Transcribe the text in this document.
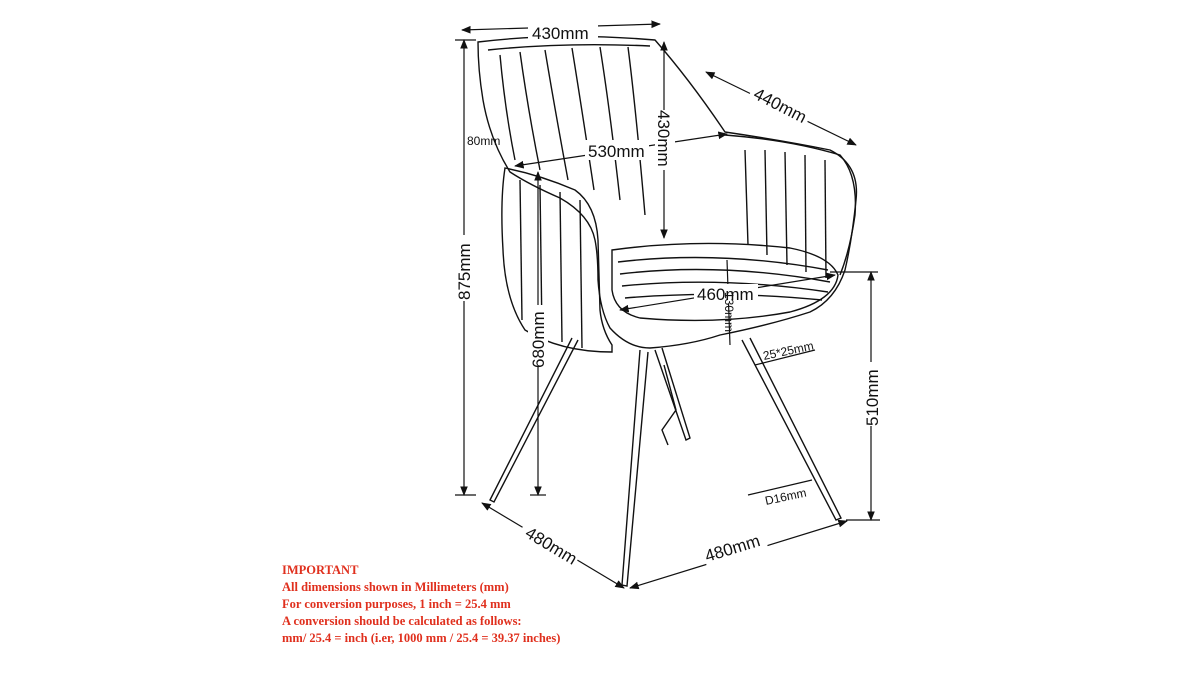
430mm
440mm
430mm
530mm
80mm
875mm
680mm
460mm
130mm
25*25mm
510mm
D16mm
480mm	480mm
IMPORTANT
All dimensions shown in Millimeters (mm)
For conversion purposes, 1 inch = 25.4 mm
A conversion should be calculated as follows:
mm/ 25.4 = inch (i.er, 1000 mm / 25.4 = 39.37 inches)
